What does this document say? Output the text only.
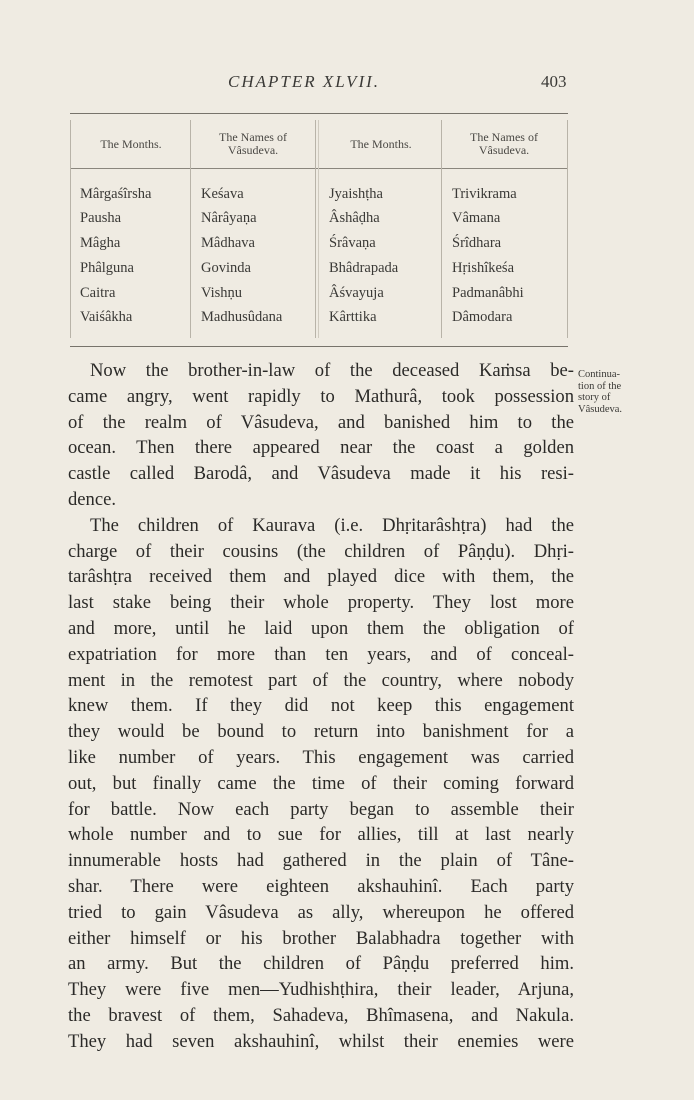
CHAPTER XLVII.	403
The Months.	The Names of Vâsudeva.	The Months.	The Names of Vâsudeva.
Mârgaśîrsha	Keśava	Jyaishṭha	Trivikrama
Pausha	Nârâyaṇa	Âshâḍha	Vâmana
Mâgha	Mâdhava	Śrâvaṇa	Śrîdhara
Phâlguna	Govinda	Bhâdrapada	Hṛishîkeśa
Caitra	Vishṇu	Âśvayuja	Padmanâbhi
Vaiśâkha	Madhusûdana	Kârttika	Dâmodara
Continua-
tion of the
story of
Vâsudeva.
Now the brother-in-law of the deceased Kaṁsa be-
came angry, went rapidly to Mathurâ, took possession
of the realm of Vâsudeva, and banished him to the
ocean. Then there appeared near the coast a golden
castle called Barodâ, and Vâsudeva made it his resi-
dence.
The children of Kaurava (i.e. Dhṛitarâshṭra) had the
charge of their cousins (the children of Pâṇḍu). Dhṛi-
tarâshṭra received them and played dice with them, the
last stake being their whole property. They lost more
and more, until he laid upon them the obligation of
expatriation for more than ten years, and of conceal-
ment in the remotest part of the country, where nobody
knew them. If they did not keep this engagement
they would be bound to return into banishment for a
like number of years. This engagement was carried
out, but finally came the time of their coming forward
for battle. Now each party began to assemble their
whole number and to sue for allies, till at last nearly
innumerable hosts had gathered in the plain of Tâne-
shar. There were eighteen akshauhinî. Each party
tried to gain Vâsudeva as ally, whereupon he offered
either himself or his brother Balabhadra together with
an army. But the children of Pâṇḍu preferred him.
They were five men—Yudhishṭhira, their leader, Arjuna,
the bravest of them, Sahadeva, Bhîmasena, and Nakula.
They had seven akshauhinî, whilst their enemies were
